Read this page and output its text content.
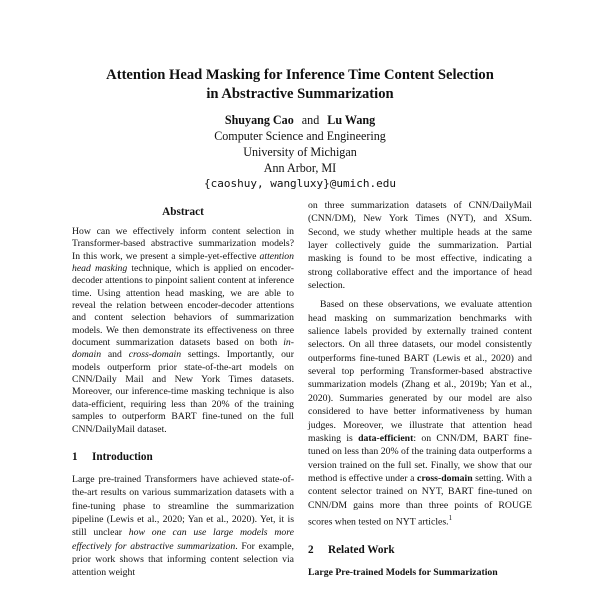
Attention Head Masking for Inference Time Content Selection
in Abstractive Summarization
Shuyang Cao and Lu Wang
Computer Science and Engineering
University of Michigan
Ann Arbor, MI
{caoshuy, wangluxy}@umich.edu
Abstract

How can we effectively inform content selection in Transformer-based abstractive summarization models? In this work, we present a simple-yet-effective attention head masking technique, which is applied on encoder-decoder attentions to pinpoint salient content at inference time. Using attention head masking, we are able to reveal the relation between encoder-decoder attentions and content selection behaviors of summarization models. We then demonstrate its effectiveness on three document summarization datasets based on both in-domain and cross-domain settings. Importantly, our models outperform prior state-of-the-art models on CNN/Daily Mail and New York Times datasets. Moreover, our inference-time masking technique is also data-efficient, requiring less than 20% of the training samples to outperform BART fine-tuned on the full CNN/DailyMail dataset.

1 Introduction

Large pre-trained Transformers have achieved state-of-the-art results on various summarization datasets with a fine-tuning phase to streamline the summarization pipeline (Lewis et al., 2020; Yan et al., 2020). Yet, it is still unclear how one can use large models more effectively for abstractive summarization. For example, prior work shows that informing content selection via attention weight

on three summarization datasets of CNN/DailyMail (CNN/DM), New York Times (NYT), and XSum. Second, we study whether multiple heads at the same layer collectively guide the summarization. Partial masking is found to be most effective, indicating a strong collaborative effect and the importance of head selection.

Based on these observations, we evaluate attention head masking on summarization benchmarks with salience labels provided by externally trained content selectors. On all three datasets, our model consistently outperforms fine-tuned BART (Lewis et al., 2020) and several top performing Transformer-based abstractive summarization models (Zhang et al., 2019b; Yan et al., 2020). Summaries generated by our model are also considered to have better informativeness by human judges. Moreover, we illustrate that attention head masking is data-efficient: on CNN/DM, BART fine-tuned on less than 20% of the training data outperforms a version trained on the full set. Finally, we show that our method is effective under a cross-domain setting. With a content selector trained on NYT, BART fine-tuned on CNN/DM gains more than three points of ROUGE scores when tested on NYT articles.$^1$

2 Related Work

Large Pre-trained Models for Summarization
